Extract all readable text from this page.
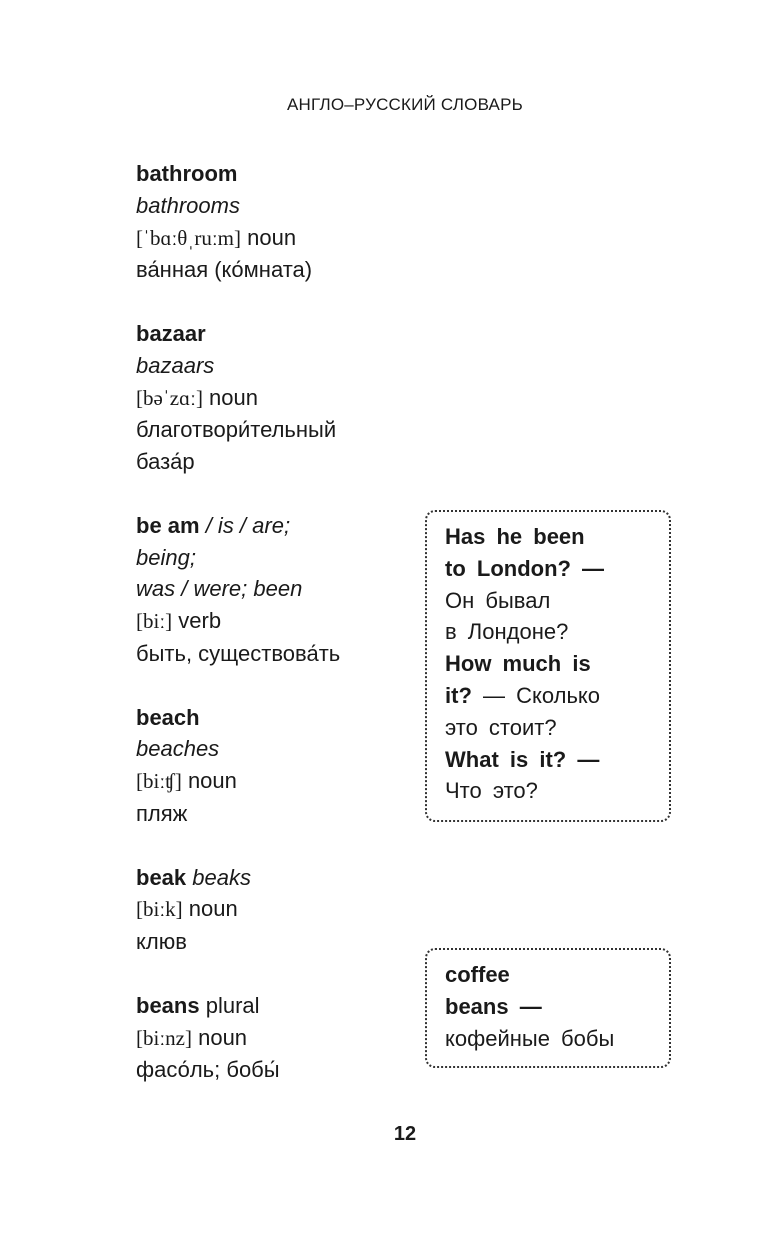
АНГЛО–РУССКИЙ СЛОВАРЬ
bathroom
bathrooms
[ˈbɑːθˌruːm] noun
ва́нная (ко́мната)
bazaar
bazaars
[bəˈzɑː] noun
благотвори́тельный
база́р
be am / is / are;
being;
was / were; been
[biː] verb
быть, существова́ть
beach
beaches
[biːʧ] noun
пляж
beak beaks
[biːk] noun
клюв
beans plural
[biːnz] noun
фасо́ль; бобы́
Has he been
to London? —
Он бывал
в Лондоне?
How much is
it? — Сколько
это стоит?
What is it? —
Что это?
coffee
beans —
кофейные бобы
12
